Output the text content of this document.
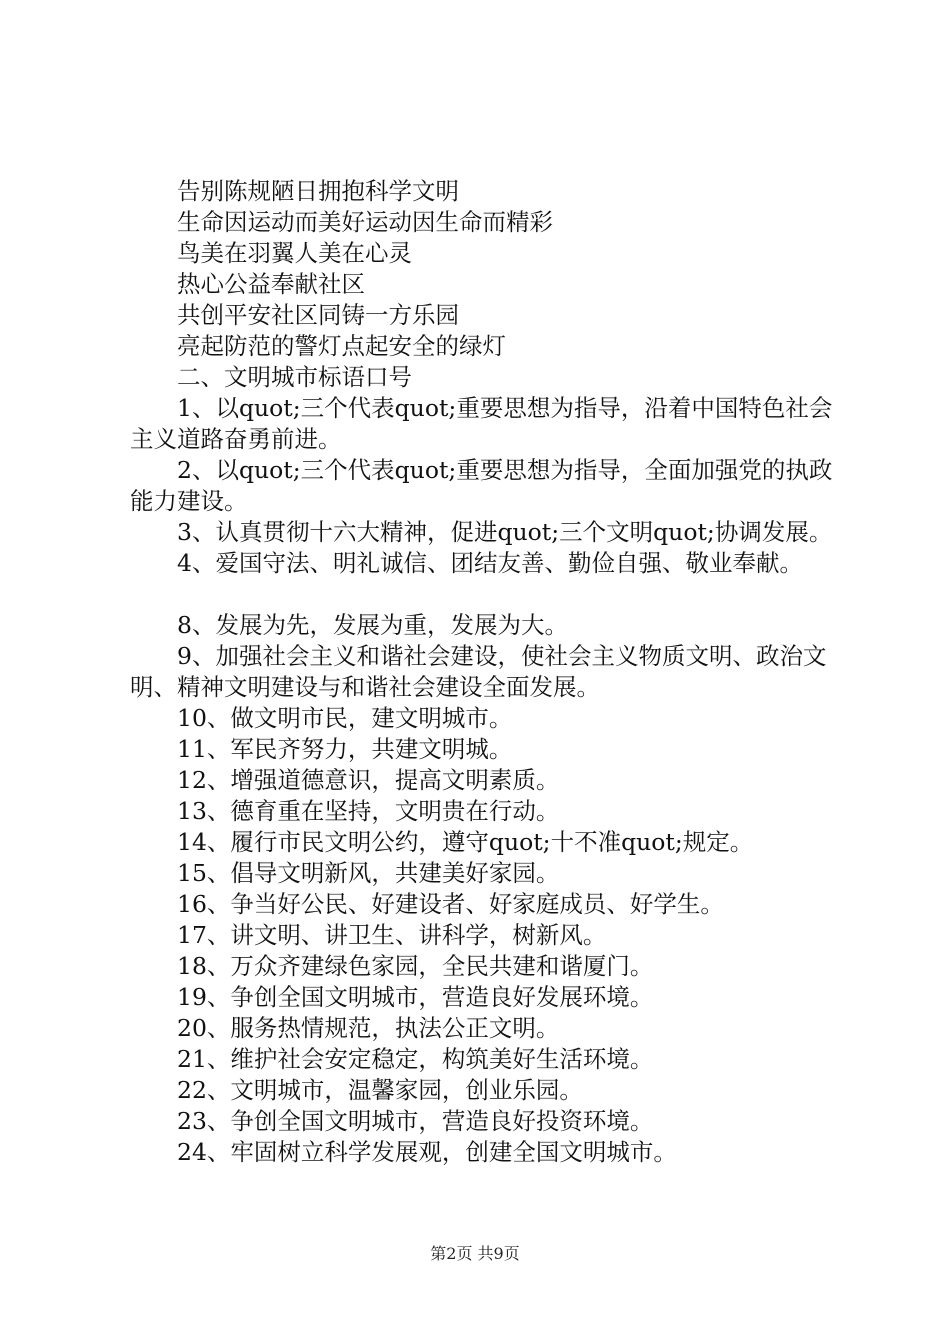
告别陈规陋日拥抱科学文明

生命因运动而美好运动因生命而精彩

鸟美在羽翼人美在心灵

热心公益奉献社区

共创平安社区同铸一方乐园

亮起防范的警灯点起安全的绿灯

二、文明城市标语口号

1、以quot;三个代表quot;重要思想为指导，沿着中国特色社会主义道路奋勇前进。

2、以quot;三个代表quot;重要思想为指导，全面加强党的执政能力建设。

3、认真贯彻十六大精神，促进quot;三个文明quot;协调发展。

4、爱国守法、明礼诚信、团结友善、勤俭自强、敬业奉献。

8、发展为先，发展为重，发展为大。

9、加强社会主义和谐社会建设，使社会主义物质文明、政治文明、精神文明建设与和谐社会建设全面发展。

10、做文明市民，建文明城市。

11、军民齐努力，共建文明城。

12、增强道德意识，提高文明素质。

13、德育重在坚持，文明贵在行动。

14、履行市民文明公约，遵守quot;十不准quot;规定。

15、倡导文明新风，共建美好家园。

16、争当好公民、好建设者、好家庭成员、好学生。

17、讲文明、讲卫生、讲科学，树新风。

18、万众齐建绿色家园，全民共建和谐厦门。

19、争创全国文明城市，营造良好发展环境。

20、服务热情规范，执法公正文明。

21、维护社会安定稳定，构筑美好生活环境。

22、文明城市，温馨家园，创业乐园。

23、争创全国文明城市，营造良好投资环境。

24、牢固树立科学发展观，创建全国文明城市。

第2页 共9页
